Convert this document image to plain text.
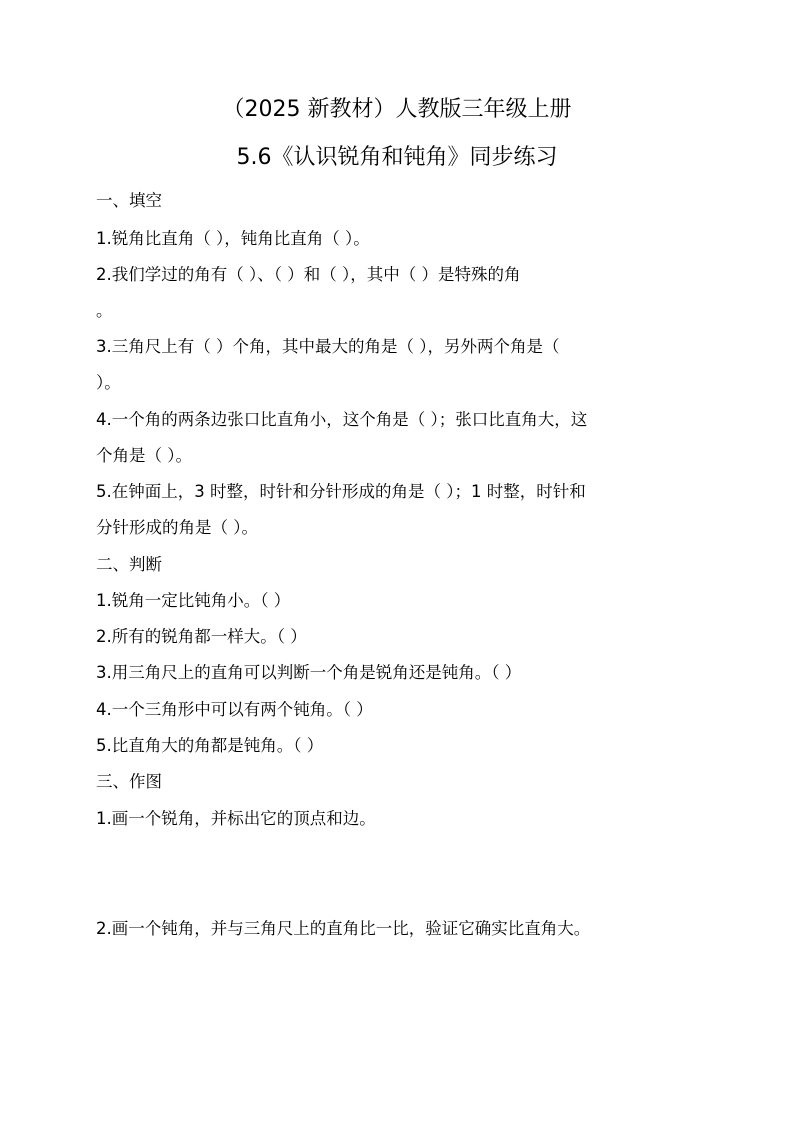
（2025 新教材）人教版三年级上册
5.6《认识锐角和钝角》同步练习
一、填空
1.锐角比直角（ ），钝角比直角（ ）。
2.我们学过的角有（ ）、（ ）和（ ），其中（ ）是特殊的角
。
3.三角尺上有（ ）个角，其中最大的角是（ ），另外两个角是（
）。
4.一个角的两条边张口比直角小，这个角是（ ）；张口比直角大，这
个角是（ ）。
5.在钟面上，3 时整，时针和分针形成的角是（ ）；1 时整，时针和
分针形成的角是（ ）。
二、判断
1.锐角一定比钝角小。（ ）
2.所有的锐角都一样大。（ ）
3.用三角尺上的直角可以判断一个角是锐角还是钝角。（ ）
4.一个三角形中可以有两个钝角。（ ）
5.比直角大的角都是钝角。（ ）
三、作图
1.画一个锐角，并标出它的顶点和边。
2.画一个钝角，并与三角尺上的直角比一比，验证它确实比直角大。
